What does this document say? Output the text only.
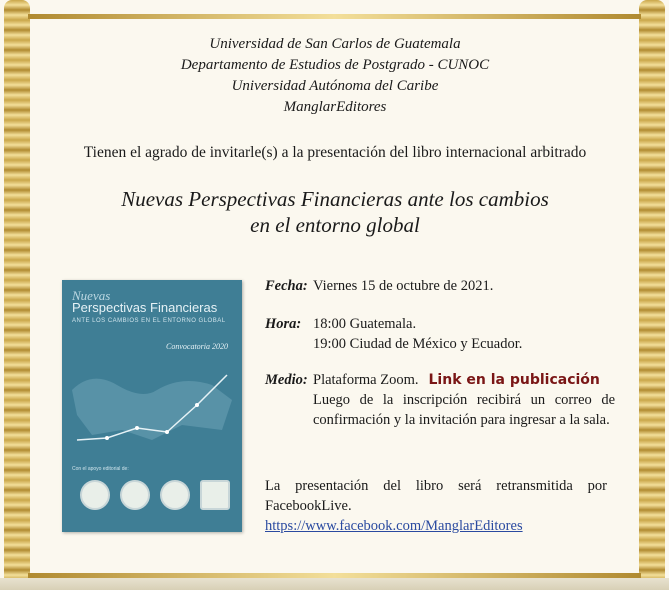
Universidad de San Carlos de Guatemala
Departamento de Estudios de Postgrado - CUNOC
Universidad Autónoma del Caribe
ManglarEditores
Tienen el agrado de invitarle(s) a la presentación del libro internacional arbitrado
Nuevas Perspectivas Financieras ante los cambios
en el entorno global
Nuevas
Perspectivas Financieras
ANTE LOS CAMBIOS EN EL ENTORNO GLOBAL
Convocatoria 2020
Con el apoyo editorial de:
Fecha: Viernes 15 de octubre de 2021.
Hora: 18:00 Guatemala.
19:00 Ciudad de México y Ecuador.
Medio: Plataforma Zoom. Link en la publicación
Luego de la inscripción recibirá un correo de confirmación y la invitación para ingresar a la sala.
La presentación del libro será retransmitida por FacebookLive.
https://www.facebook.com/ManglarEditores
